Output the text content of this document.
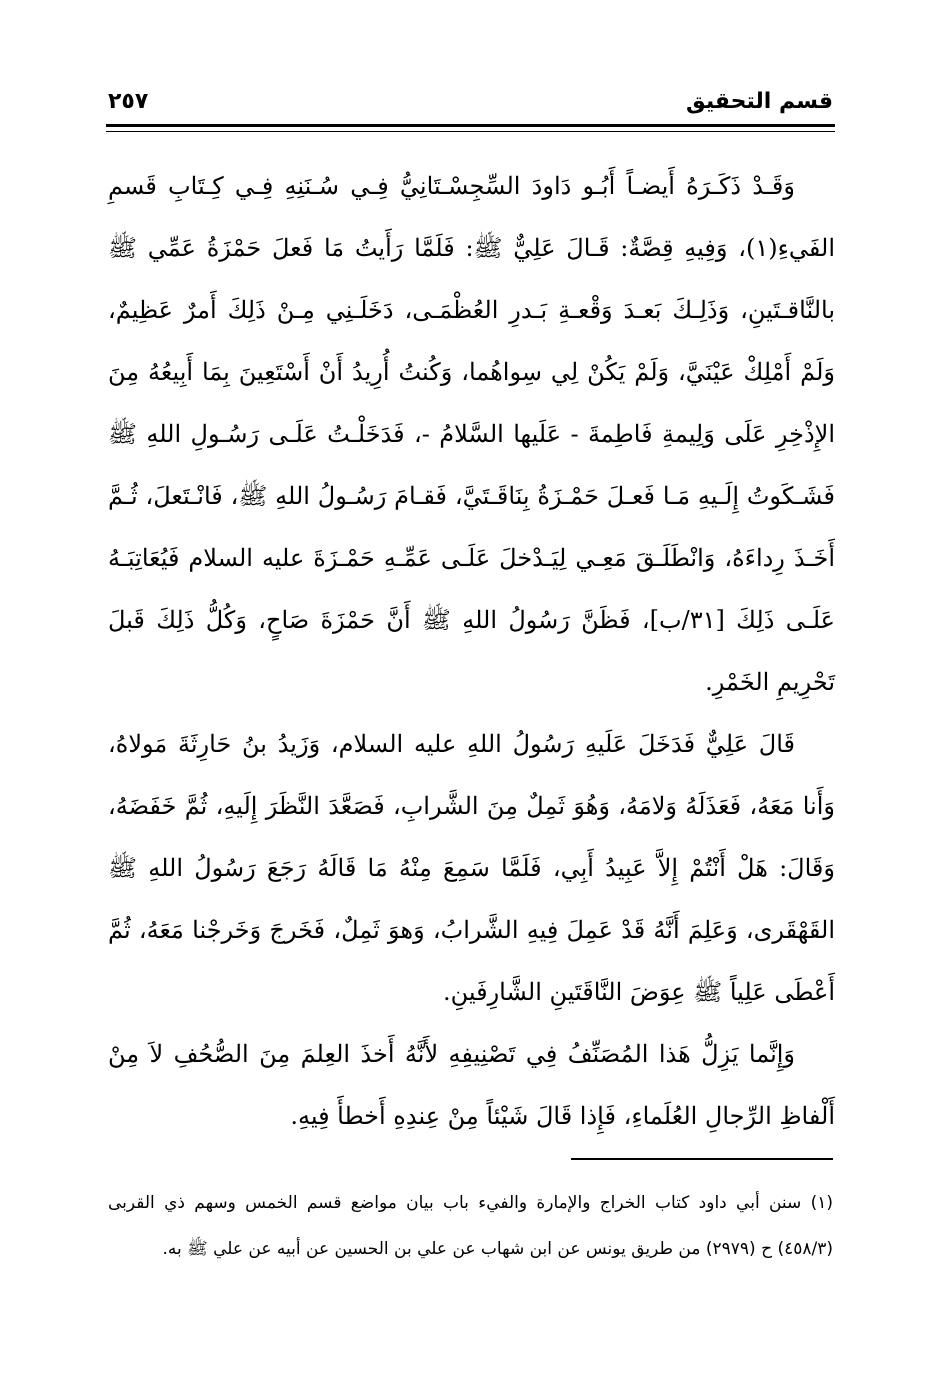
قسم التحقيق
٢٥٧

وَقَـدْ ذَكَـرَهُ أَيضـاً أَبُـو دَاودَ السِّجِسْـتَانِيُّ فِـي سُـنَنِهِ فِـي كِـتَابِ قَسمِ الفَيءِ(١)، وَفِيهِ قِصَّةٌ: قَـالَ عَلِيٌّ ﷺ: فَلَمَّا رَأَيتُ مَا فَعلَ حَمْزَةُ عَمِّي ﷺ بالنَّاقـتَينِ، وَذَلِـكَ بَعـدَ وَقْعـةِ بَـدرِ العُظْمَـى، دَخَلَـنِي مِـنْ ذَلِكَ أَمرٌ عَظِيمٌ، وَلَمْ أَمْلِكْ عَيْنَيَّ، وَلَمْ يَكُنْ لِي سِواهُما، وَكُنتُ أُرِيدُ أَنْ أَسْتَعِينَ بِمَا أَبِيعُهُ مِنَ الإِذْخِرِ عَلَى وَلِيمةِ فَاطِمةَ - عَلَيها السَّلامُ -، فَدَخَلْـتُ عَلَـى رَسُـولِ اللهِ ﷺ فَشَـكَوتُ إِلَـيهِ مَـا فَعـلَ حَمْـزَةُ بِنَاقَـتَيَّ، فَقـامَ رَسُـولُ اللهِ ﷺ، فَانْـتَعلَ، ثُـمَّ أَخَـذَ رِداءَهُ، وَانْطَلَـقَ مَعِـي لِيَـدْخلَ عَلَـى عَمِّـهِ حَمْـزَةَ عليه السلام فَيُعَاتِبَـهُ عَلَـى ذَلِكَ [٣١/ب]، فَظَنَّ رَسُولُ اللهِ ﷺ أَنَّ حَمْزَةَ صَاحٍ، وَكُلُّ ذَلِكَ قَبلَ تَحْرِيمِ الخَمْرِ.

قَالَ عَلِيٌّ فَدَخَلَ عَلَيهِ رَسُولُ اللهِ عليه السلام، وَزَيدُ بنُ حَارِثَةَ مَولاهُ، وَأَنا مَعَهُ، فَعَذَلَهُ وَلامَهُ، وَهُوَ ثَمِلٌ مِنَ الشَّرابِ، فَصَعَّدَ النَّظَرَ إِلَيهِ، ثُمَّ خَفَضَهُ، وَقَالَ: هَلْ أَنْتُمْ إِلاَّ عَبِيدُ أَبِي، فَلَمَّا سَمِعَ مِنْهُ مَا قَالَهُ رَجَعَ رَسُولُ اللهِ ﷺ القَهْقَرى، وَعَلِمَ أَنَّهُ قَدْ عَمِلَ فِيهِ الشَّرابُ، وَهوَ ثَمِلٌ، فَخَرجَ وَخَرجْنا مَعَهُ، ثُمَّ أَعْطَى عَلِياً ﷺ عِوَضَ النَّاقَتَينِ الشَّارِفَينِ.

وَإِنَّما يَزِلُّ هَذا المُصَنِّفُ فِي تَصْنِيفِهِ لأَنَّهُ أَخذَ العِلمَ مِنَ الصُّحُفِ لاَ مِنْ أَلْفاظِ الرِّجالِ العُلَماءِ، فَإِذا قَالَ شَيْئاً مِنْ عِندِهِ أَخطأَ فِيهِ.

(١) سنن أبي داود كتاب الخراج والإمارة والفيء باب بيان مواضع قسم الخمس وسهم ذي القربى (٤٥٨/٣) ح (٢٩٧٩) من طريق يونس عن ابن شهاب عن علي بن الحسين عن أبيه عن علي ﷺ به.
